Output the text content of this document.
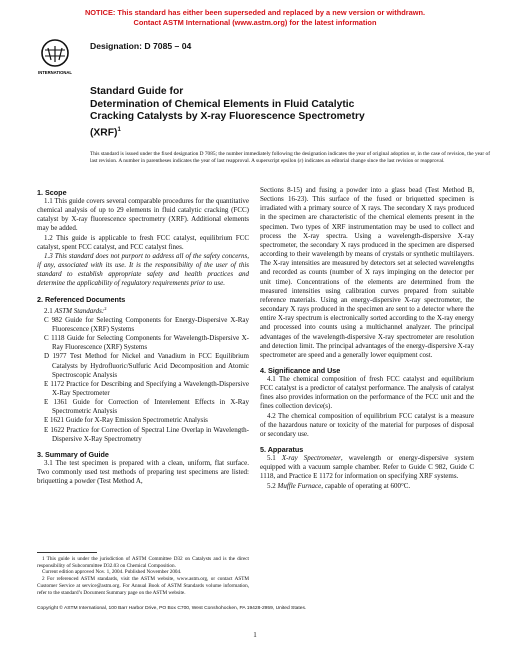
NOTICE: This standard has either been superseded and replaced by a new version or withdrawn.
Contact ASTM International (www.astm.org) for the latest information
INTERNATIONAL
Designation: D 7085 – 04
Standard Guide for
Determination of Chemical Elements in Fluid Catalytic
Cracking Catalysts by X-ray Fluorescence Spectrometry
(XRF)$^1$
This standard is issued under the fixed designation D 7085; the number immediately following the designation indicates the year of original adoption or, in the case of revision, the year of last revision. A number in parentheses indicates the year of last reapproval. A superscript epsilon (ε) indicates an editorial change since the last revision or reapproval.
1. Scope

1.1 This guide covers several comparable procedures for the quantitative chemical analysis of up to 29 elements in fluid catalytic cracking (FCC) catalyst by X-ray fluorescence spectrometry (XRF). Additional elements may be added.

1.2 This guide is applicable to fresh FCC catalyst, equilibrium FCC catalyst, spent FCC catalyst, and FCC catalyst fines.

1.3 This standard does not purport to address all of the safety concerns, if any, associated with its use. It is the responsibility of the user of this standard to establish appropriate safety and health practices and determine the applicability of regulatory requirements prior to use.

2. Referenced Documents

2.1 ASTM Standards:$^2$

C 982 Guide for Selecting Components for Energy-Dispersive X-Ray Fluorescence (XRF) Systems
C 1118 Guide for Selecting Components for Wavelength-Dispersive X-Ray Fluorescence (XRF) Systems
D 1977 Test Method for Nickel and Vanadium in FCC Equilibrium Catalysts by Hydrofluoric/Sulfuric Acid Decomposition and Atomic Spectroscopic Analysis
E 1172 Practice for Describing and Specifying a Wavelength-Dispersive X-Ray Spectrometer
E 1361 Guide for Correction of Interelement Effects in X-Ray Spectrometric Analysis
E 1621 Guide for X-Ray Emission Spectrometric Analysis
E 1622 Practice for Correction of Spectral Line Overlap in Wavelength-Dispersive X-Ray Spectrometry
3. Summary of Guide

3.1 The test specimen is prepared with a clean, uniform, flat surface. Two commonly used test methods of preparing test specimens are listed: briquetting a powder (Test Method A,

1 This guide is under the jurisdiction of ASTM Committee D32 on Catalysts and is the direct responsibility of Subcommittee D32.03 on Chemical Composition.

Current edition approved Nov. 1, 2004. Published November 2004.

2 For referenced ASTM standards, visit the ASTM website, www.astm.org, or contact ASTM Customer Service at service@astm.org. For Annual Book of ASTM Standards volume information, refer to the standard’s Document Summary page on the ASTM website.

Sections 8-15) and fusing a powder into a glass bead (Test Method B, Sections 16-23). This surface of the fused or briquetted specimen is irradiated with a primary source of X rays. The secondary X rays produced in the specimen are characteristic of the chemical elements present in the specimen. Two types of XRF instrumentation may be used to collect and process the X-ray spectra. Using a wavelength-dispersive X-ray spectrometer, the secondary X rays produced in the specimen are dispersed according to their wavelength by means of crystals or synthetic multilayers. The X-ray intensities are measured by detectors set at selected wavelengths and recorded as counts (number of X rays impinging on the detector per unit time). Concentrations of the elements are determined from the measured intensities using calibration curves prepared from suitable reference materials. Using an energy-dispersive X-ray spectrometer, the secondary X rays produced in the specimen are sent to a detector where the entire X-ray spectrum is electronically sorted according to the X-ray energy and processed into counts using a multichannel analyzer. The principal advantages of the wavelength-dispersive X-ray spectrometer are resolution and detection limit. The principal advantages of the energy-dispersive X-ray spectrometer are speed and a generally lower equipment cost.

4. Significance and Use

4.1 The chemical composition of fresh FCC catalyst and equilibrium FCC catalyst is a predictor of catalyst performance. The analysis of catalyst fines also provides information on the performance of the FCC unit and the fines collection device(s).

4.2 The chemical composition of equilibrium FCC catalyst is a measure of the hazardous nature or toxicity of the material for purposes of disposal or secondary use.

5. Apparatus

5.1 X-ray Spectrometer, wavelength or energy-dispersive system equipped with a vacuum sample chamber. Refer to Guide C 982, Guide C 1118, and Practice E 1172 for information on specifying XRF systems.

5.2 Muffle Furnace, capable of operating at 600°C.

Copyright © ASTM International, 100 Barr Harbor Drive, PO Box C700, West Conshohocken, PA 19428-2959, United States.
1
